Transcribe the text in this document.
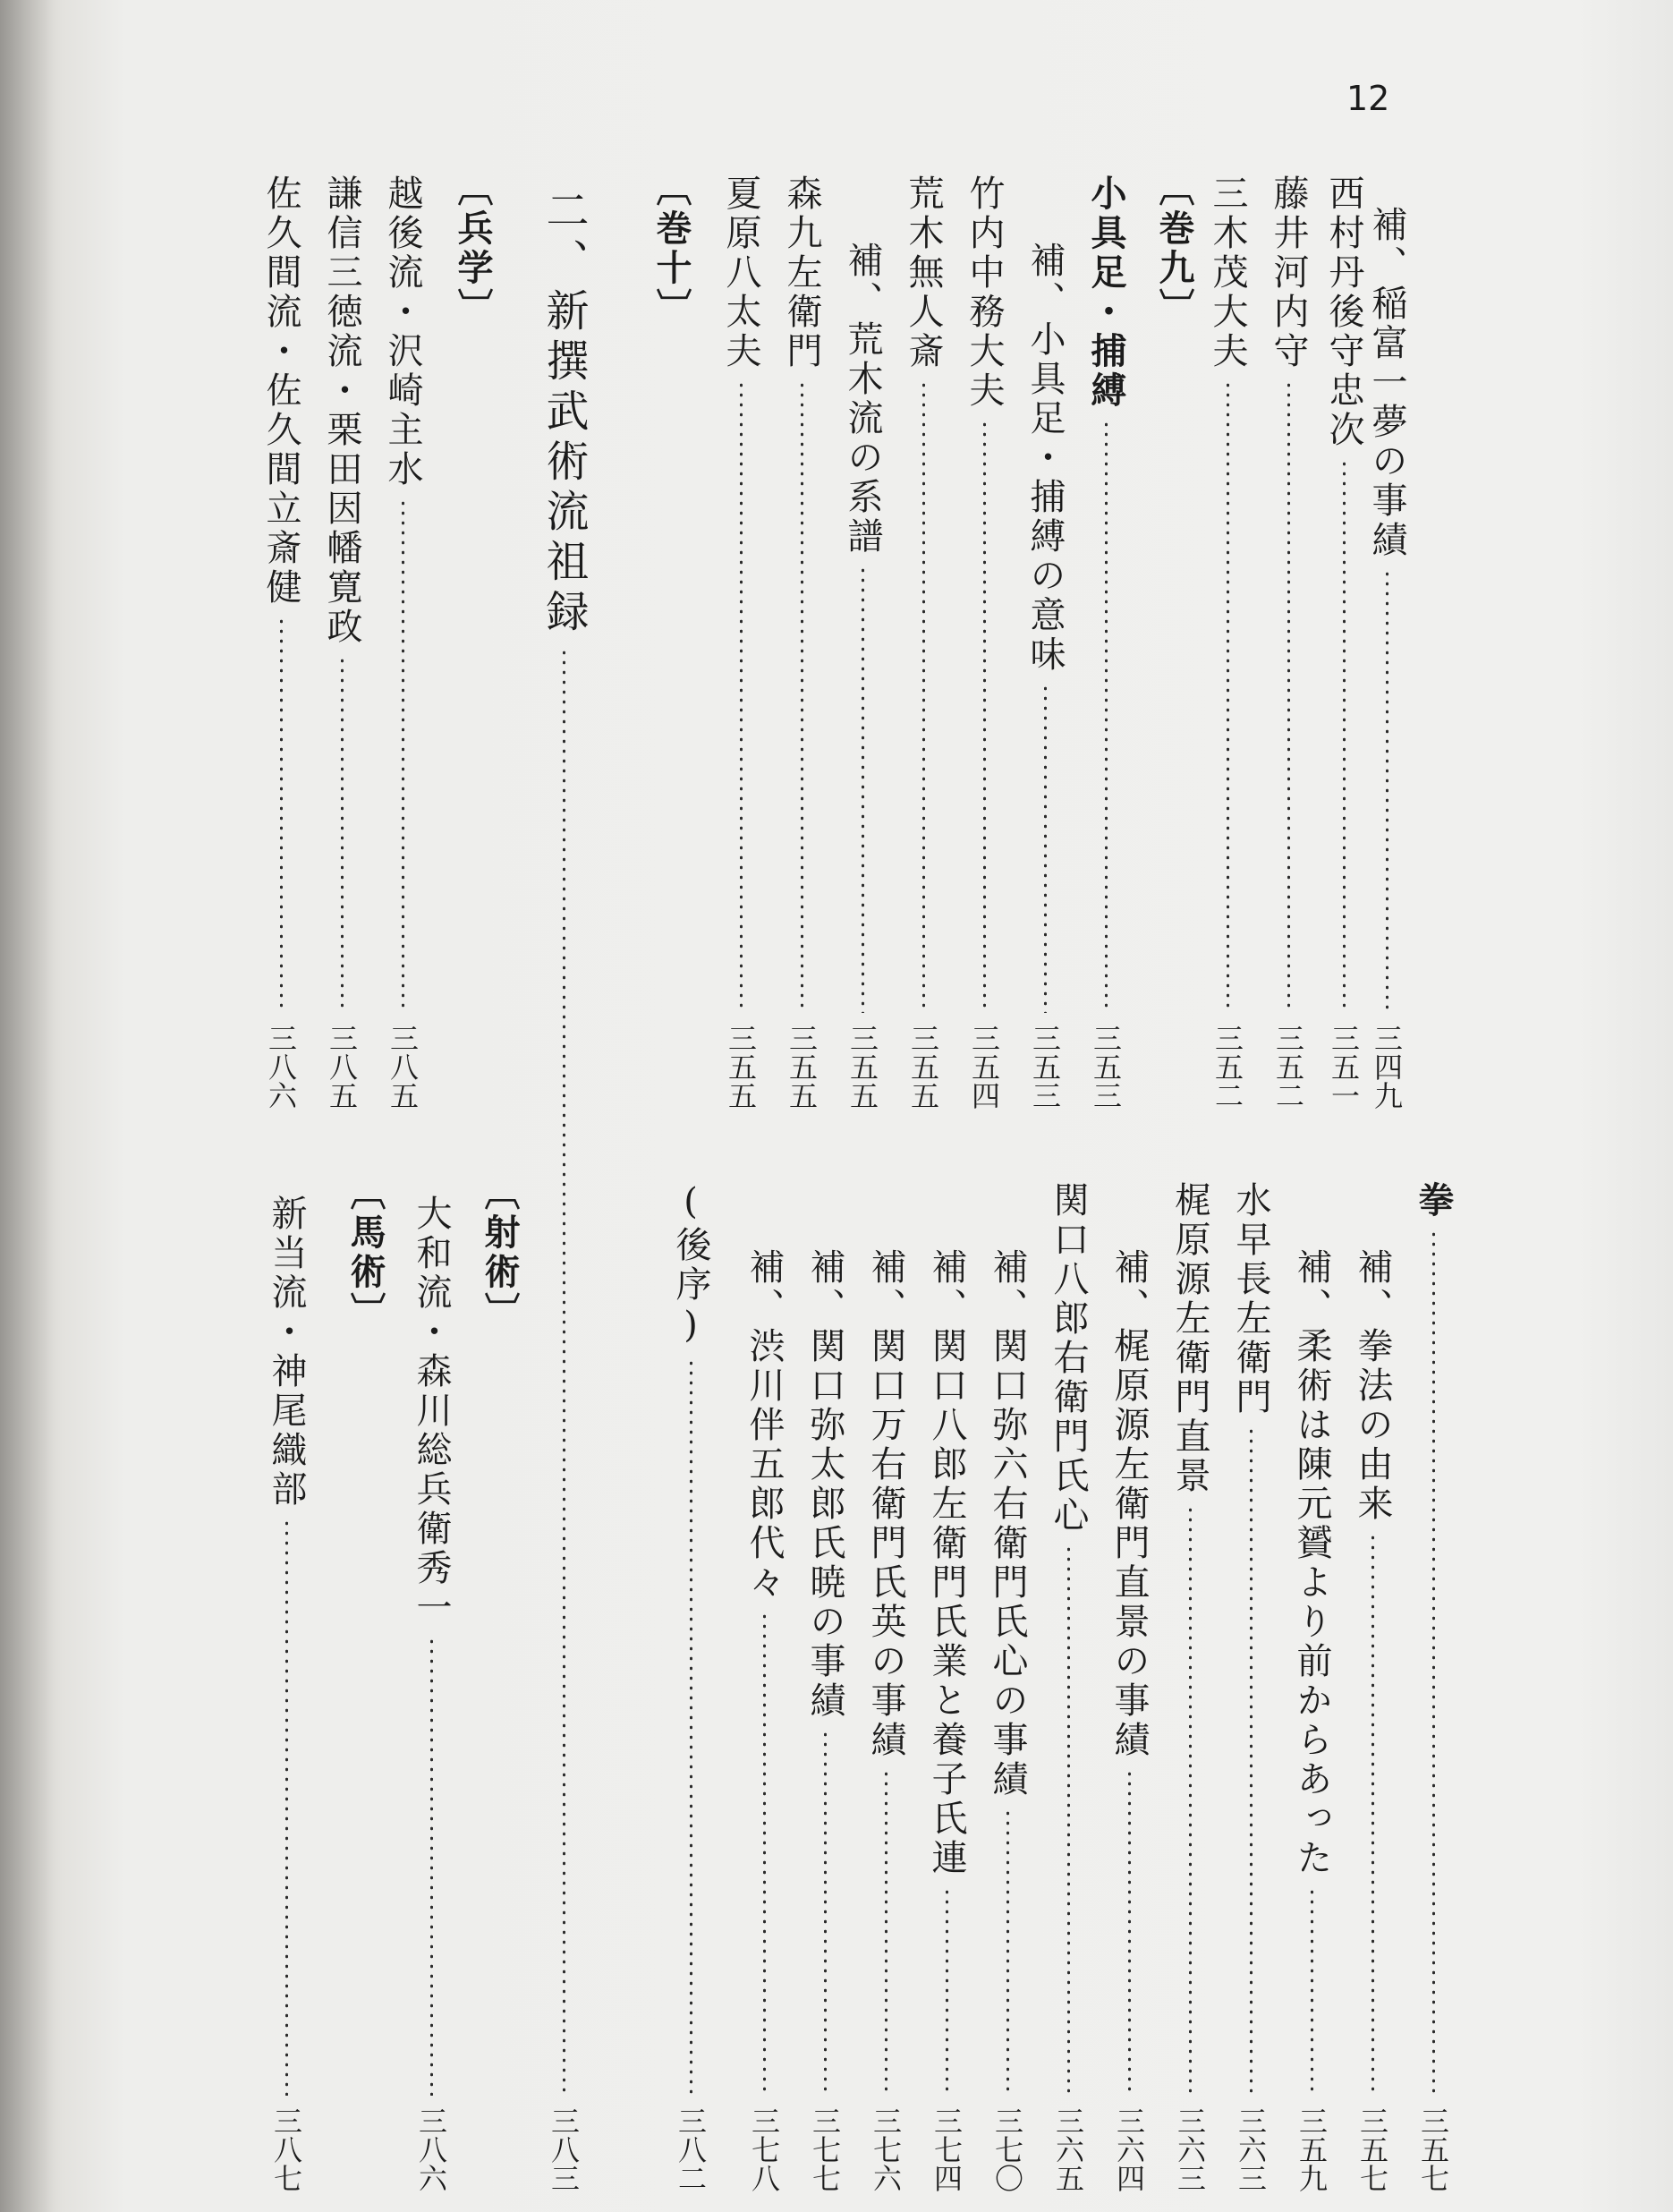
12
補、稲富一夢の事績
三四九
西村丹後守忠次
三五一
藤井河内守
三五二
三木茂大夫
三五二
〔巻九〕
小具足・捕縛
三五三
補、小具足・捕縛の意味
三五三
竹内中務大夫
三五四
荒木無人斎
三五五
補、荒木流の系譜
三五五
森九左衛門
三五五
夏原八太夫
三五五
〔巻十〕
二、新撰武術流祖録
三八三
〔兵学〕
越後流・沢崎主水
三八五
謙信三徳流・栗田因幡寛政
三八五
佐久間流・佐久間立斎健
三八六
拳
三五七
補、拳法の由来
三五七
補、柔術は陳元贇より前からあった
三五九
水早長左衛門
三六三
梶原源左衛門直景
三六三
補、梶原源左衛門直景の事績
三六四
関口八郎右衛門氏心
三六五
補、関口弥六右衛門氏心の事績
三七〇
補、関口八郎左衛門氏業と養子氏連
三七四
補、関口万右衛門氏英の事績
三七六
補、関口弥太郎氏暁の事績
三七七
補、渋川伴五郎代々
三七八
(後序)
三八二
〔射術〕
大和流・森川総兵衛秀一
三八六
〔馬術〕
新当流・神尾織部
三八七
